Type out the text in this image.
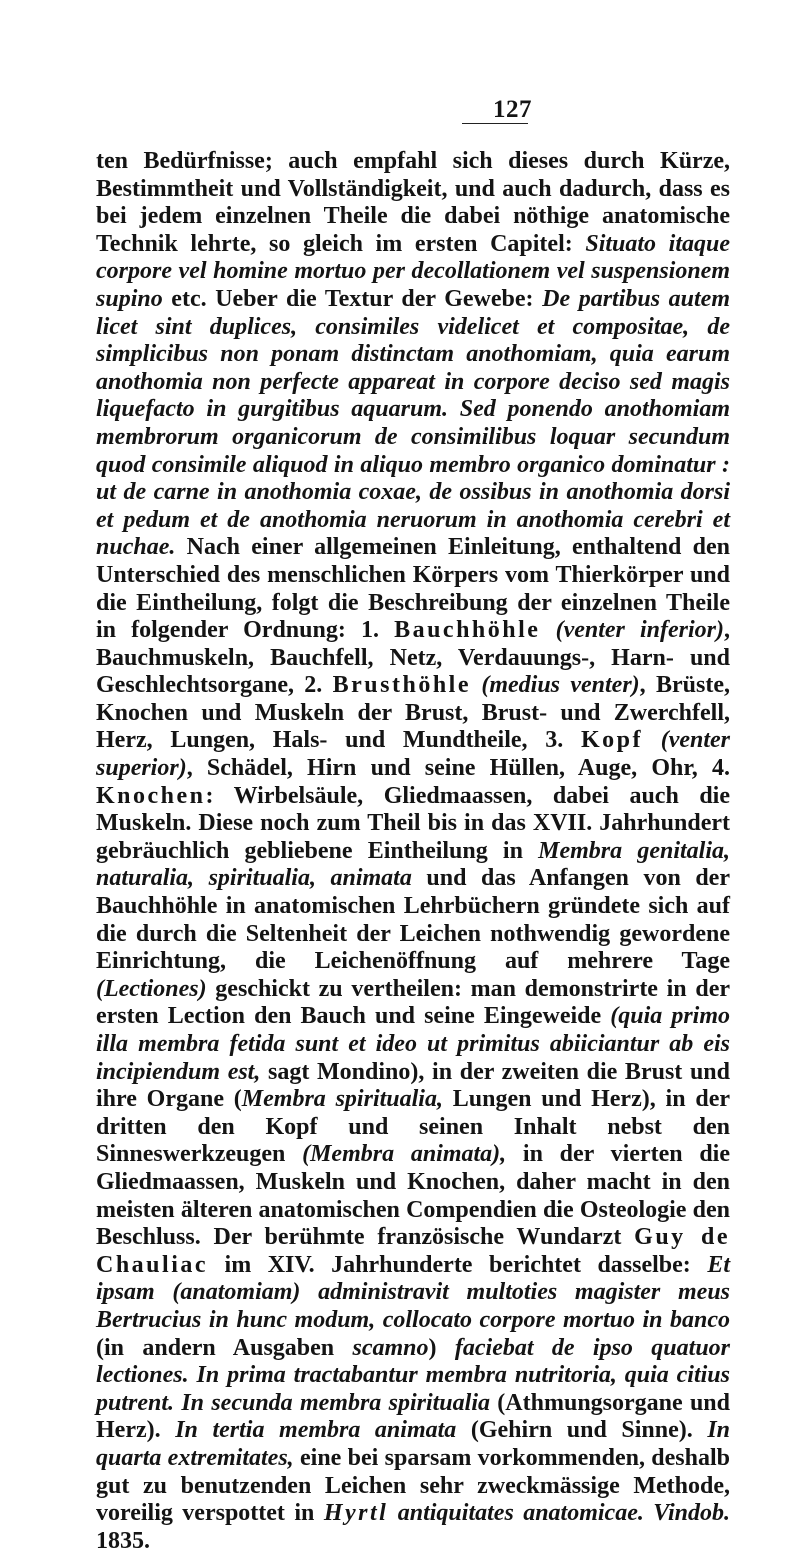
127

ten Bedürfnisse; auch empfahl sich dieses durch Kürze, Bestimmtheit und Vollständigkeit, und auch dadurch, dass es bei jedem einzelnen Theile die dabei nöthige anatomische Technik lehrte, so gleich im ersten Capitel: Situato itaque corpore vel homine mortuo per decollationem vel suspensionem supino etc. Ueber die Textur der Gewebe: De partibus autem licet sint duplices, consimiles videlicet et compositae, de simplicibus non ponam distinctam anothomiam, quia earum anothomia non perfecte appareat in corpore deciso sed magis liquefacto in gurgitibus aquarum. Sed ponendo anothomiam membrorum organicorum de consimilibus loquar secundum quod consimile aliquod in aliquo membro organico dominatur : ut de carne in anothomia coxae, de ossibus in anothomia dorsi et pedum et de anothomia neruorum in anothomia cerebri et nuchae. Nach einer allgemeinen Einleitung, enthaltend den Unterschied des menschlichen Körpers vom Thierkörper und die Eintheilung, folgt die Beschreibung der einzelnen Theile in folgender Ordnung: 1. Bauchhöhle (venter inferior), Bauchmuskeln, Bauchfell, Netz, Verdauungs-, Harn- und Geschlechtsorgane, 2. Brusthöhle (medius venter), Brüste, Knochen und Muskeln der Brust, Brust- und Zwerchfell, Herz, Lungen, Hals- und Mundtheile, 3. Kopf (venter superior), Schädel, Hirn und seine Hüllen, Auge, Ohr, 4. Knochen: Wirbelsäule, Gliedmaassen, dabei auch die Muskeln. Diese noch zum Theil bis in das XVII. Jahrhundert gebräuchlich gebliebene Eintheilung in Membra genitalia, naturalia, spiritualia, animata und das Anfangen von der Bauchhöhle in anatomischen Lehrbüchern gründete sich auf die durch die Seltenheit der Leichen nothwendig gewordene Einrichtung, die Leichenöffnung auf mehrere Tage (Lectiones) geschickt zu vertheilen: man demonstrirte in der ersten Lection den Bauch und seine Eingeweide (quia primo illa membra fetida sunt et ideo ut primitus abiiciantur ab eis incipiendum est, sagt Mondino), in der zweiten die Brust und ihre Organe (Membra spiritualia, Lungen und Herz), in der dritten den Kopf und seinen Inhalt nebst den Sinneswerkzeugen (Membra animata), in der vierten die Gliedmaassen, Muskeln und Knochen, daher macht in den meisten älteren anatomischen Compendien die Osteologie den Beschluss. Der berühmte französische Wundarzt Guy de Chauliac im XIV. Jahrhunderte berichtet dasselbe: Et ipsam (anatomiam) administravit multoties magister meus Bertrucius in hunc modum, collocato corpore mortuo in banco (in andern Ausgaben scamno) faciebat de ipso quatuor lectiones. In prima tractabantur membra nutritoria, quia citius putrent. In secunda membra spiritualia (Athmungsorgane und Herz). In tertia membra animata (Gehirn und Sinne). In quarta extremitates, eine bei sparsam vorkommenden, deshalb gut zu benutzenden Leichen sehr zweckmässige Methode, voreilig verspottet in Hyrtl antiquitates anatomicae. Vindob. 1835.
